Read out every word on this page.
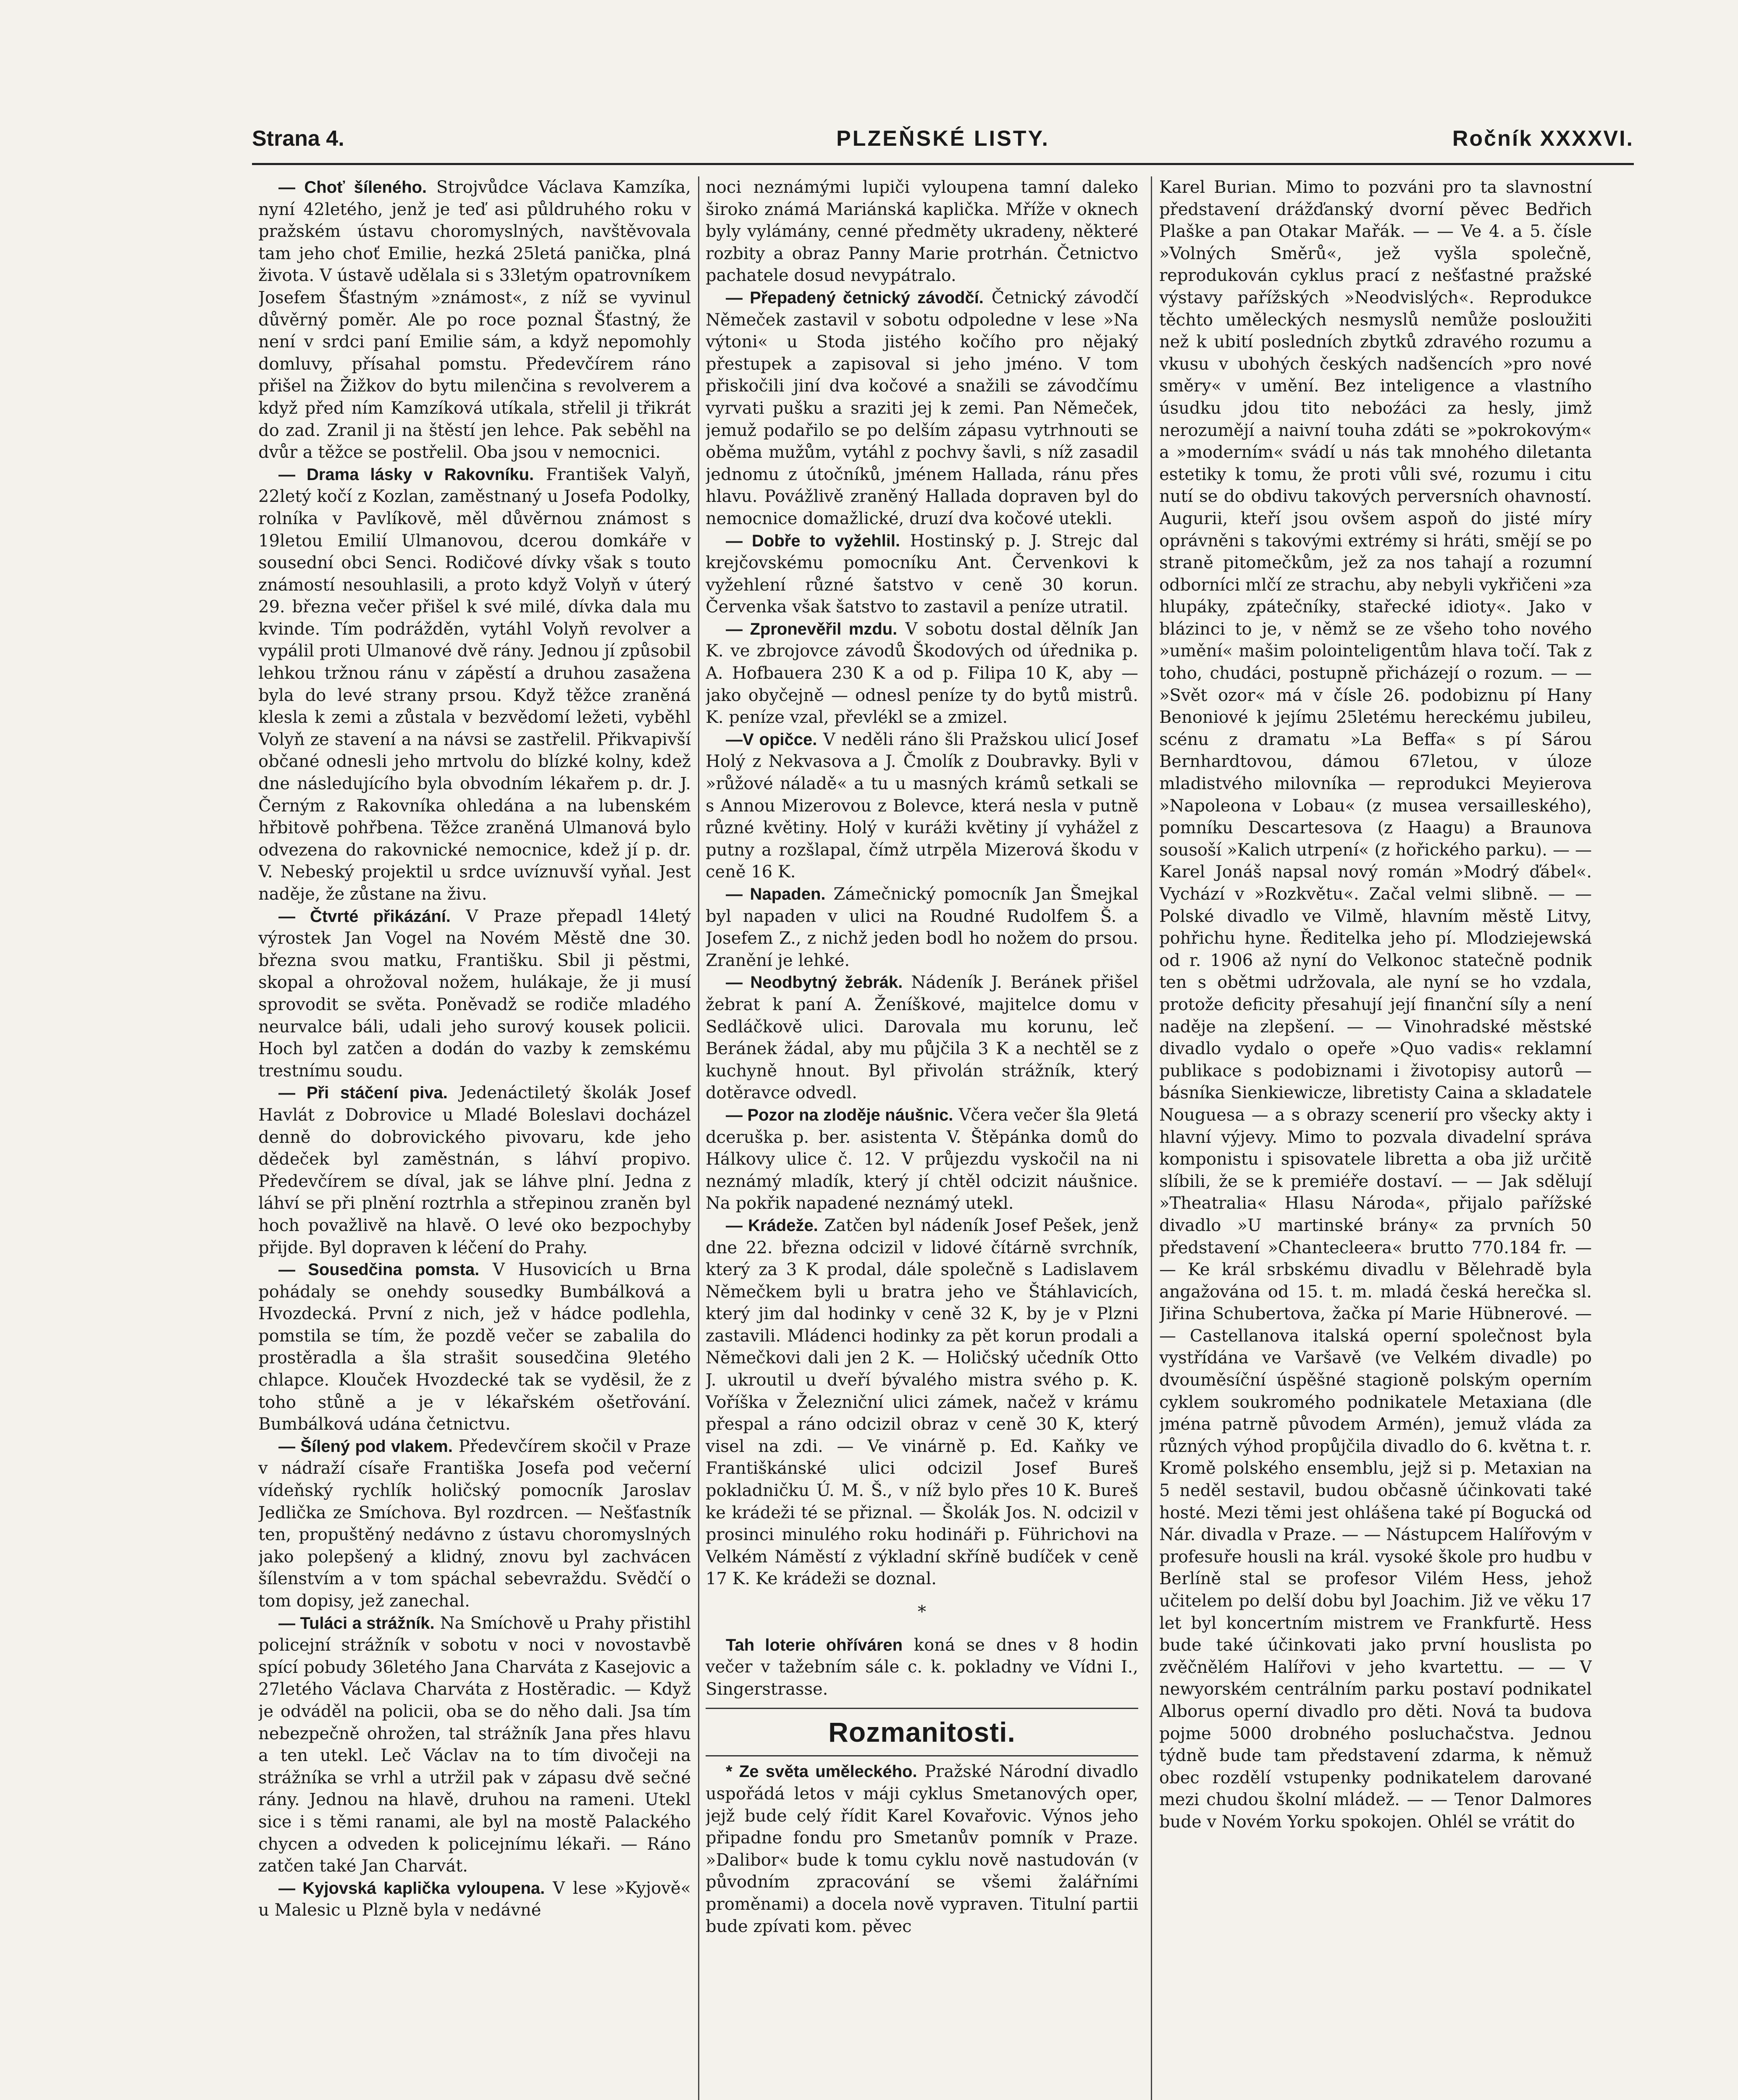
Strana 4.	PLZEŇSKÉ LISTY.	Ročník XXXXVI.

— Choť šíleného. Strojvůdce Václava Kamzíka, nyní 42letého, jenž je teď asi půldruhého roku v pražském ústavu choromyslných, navštěvovala tam jeho choť Emilie, hezká 25letá panička, plná života. V ústavě udělala si s 33letým opatrovníkem Josefem Šťastným »známost«, z níž se vyvinul důvěrný poměr. Ale po roce poznal Šťastný, že není v srdci paní Emilie sám, a když nepomohly domluvy, přísahal pomstu. Předevčírem ráno přišel na Žižkov do bytu milenčina s revolverem a když před ním Kamzíková utíkala, střelil ji třikrát do zad. Zranil ji na štěstí jen lehce. Pak seběhl na dvůr a těžce se postřelil. Oba jsou v nemocnici.

— Drama lásky v Rakovníku. František Valyň, 22letý kočí z Kozlan, zaměstnaný u Josefa Podolky, rolníka v Pavlíkově, měl důvěrnou známost s 19letou Emilií Ulmanovou, dcerou domkáře v sousední obci Senci. Rodičové dívky však s touto známostí nesouhlasili, a proto když Volyň v úterý 29. března večer přišel k své milé, dívka dala mu kvinde. Tím podrážděn, vytáhl Volyň revolver a vypálil proti Ulmanové dvě rány. Jednou jí způsobil lehkou tržnou ránu v zápěstí a druhou zasažena byla do levé strany prsou. Když těžce zraněná klesla k zemi a zůstala v bezvědomí ležeti, vyběhl Volyň ze stavení a na návsi se zastřelil. Přikvapivší občané odnesli jeho mrtvolu do blízké kolny, kdež dne následujícího byla obvodním lékařem p. dr. J. Černým z Rakovníka ohledána a na lubenském hřbitově pohřbena. Těžce zraněná Ulmanová bylo odvezena do rakovnické nemocnice, kdež jí p. dr. V. Nebeský projektil u srdce uvíznuvší vyňal. Jest naděje, že zůstane na živu.

— Čtvrté přikázání. V Praze přepadl 14letý výrostek Jan Vogel na Novém Městě dne 30. března svou matku, Františku. Sbil ji pěstmi, skopal a ohrožoval nožem, hulákaje, že ji musí sprovodit se světa. Poněvadž se rodiče mladého neurvalce báli, udali jeho surový kousek policii. Hoch byl zatčen a dodán do vazby k zemskému trestnímu soudu.

— Při stáčení piva. Jedenáctiletý školák Josef Havlát z Dobrovice u Mladé Boleslavi docházel denně do dobrovického pivovaru, kde jeho dědeček byl zaměstnán, s láhví propivo. Předevčírem se díval, jak se láhve plní. Jedna z láhví se při plnění roztrhla a střepinou zraněn byl hoch považlivě na hlavě. O levé oko bezpochyby přijde. Byl dopraven k léčení do Prahy.

— Sousedčina pomsta. V Husovicích u Brna pohádaly se onehdy sousedky Bumbálková a Hvozdecká. První z nich, jež v hádce podlehla, pomstila se tím, že pozdě večer se zabalila do prostěradla a šla strašit sousedčina 9letého chlapce. Klouček Hvozdecké tak se vyděsil, že z toho stůně a je v lékařském ošetřování. Bumbálková udána četnictvu.

— Šílený pod vlakem. Předevčírem skočil v Praze v nádraží císaře Františka Josefa pod večerní vídeňský rychlík holičský pomocník Jaroslav Jedlička ze Smíchova. Byl rozdrcen. — Nešťastník ten, propuštěný nedávno z ústavu choromyslných jako polepšený a klidný, znovu byl zachvácen šílenstvím a v tom spáchal sebevraždu. Svědčí o tom dopisy, jež zanechal.

— Tuláci a strážník. Na Smíchově u Prahy přistihl policejní strážník v sobotu v noci v novostavbě spící pobudy 36letého Jana Charváta z Kasejovic a 27letého Václava Charváta z Hostěradic. — Když je odváděl na policii, oba se do něho dali. Jsa tím nebezpečně ohrožen, tal strážník Jana přes hlavu a ten utekl. Leč Václav na to tím divočeji na strážníka se vrhl a utržil pak v zápasu dvě sečné rány. Jednou na hlavě, druhou na rameni. Utekl sice i s těmi ranami, ale byl na mostě Palackého chycen a odveden k policejnímu lékaři. — Ráno zatčen také Jan Charvát.

— Kyjovská kaplička vyloupena. V lese »Kyjově« u Malesic u Plzně byla v nedávné

noci neznámými lupiči vyloupena tamní daleko široko známá Mariánská kaplička. Mříže v oknech byly vylámány, cenné předměty ukradeny, některé rozbity a obraz Panny Marie protrhán. Četnictvo pachatele dosud nevypátralo.

— Přepadený četnický závodčí. Četnický závodčí Němeček zastavil v sobotu odpoledne v lese »Na výtoni« u Stoda jistého kočího pro nějaký přestupek a zapisoval si jeho jméno. V tom přiskočili jiní dva kočové a snažili se závodčímu vyrvati pušku a sraziti jej k zemi. Pan Němeček, jemuž podařilo se po delším zápasu vytrhnouti se oběma mužům, vytáhl z pochvy šavli, s níž zasadil jednomu z útočníků, jménem Hallada, ránu přes hlavu. Povážlivě zraněný Hallada dopraven byl do nemocnice domažlické, druzí dva kočové utekli.

— Dobře to vyžehlil. Hostinský p. J. Strejc dal krejčovskému pomocníku Ant. Červenkovi k vyžehlení různé šatstvo v ceně 30 korun. Červenka však šatstvo to zastavil a peníze utratil.

— Zpronevěřil mzdu. V sobotu dostal dělník Jan K. ve zbrojovce závodů Škodových od úřednika p. A. Hofbauera 230 K a od p. Filipa 10 K, aby — jako obyčejně — odnesl peníze ty do bytů mistrů. K. peníze vzal, převlékl se a zmizel.

—V opičce. V neděli ráno šli Pražskou ulicí Josef Holý z Nekvasova a J. Čmolík z Doubravky. Byli v »růžové náladě« a tu u masných krámů setkali se s Annou Mizerovou z Bolevce, která nesla v putně různé květiny. Holý v kuráži květiny jí vyhážel z putny a rozšlapal, čímž utrpěla Mizerová škodu v ceně 16 K.

— Napaden. Zámečnický pomocník Jan Šmejkal byl napaden v ulici na Roudné Rudolfem Š. a Josefem Z., z nichž jeden bodl ho nožem do prsou. Zranění je lehké.

— Neodbytný žebrák. Nádeník J. Beránek přišel žebrat k paní A. Ženíškové, majitelce domu v Sedláčkově ulici. Darovala mu korunu, leč Beránek žádal, aby mu půjčila 3 K a nechtěl se z kuchyně hnout. Byl přivolán strážník, který dotěravce odvedl.

— Pozor na zloděje náušnic. Včera večer šla 9letá dceruška p. ber. asistenta V. Štěpánka domů do Hálkovy ulice č. 12. V průjezdu vyskočil na ni neznámý mladík, který jí chtěl odcizit náušnice. Na pokřik napadené neznámý utekl.

— Krádeže. Zatčen byl nádeník Josef Pešek, jenž dne 22. března odcizil v lidové čítárně svrchník, který za 3 K prodal, dále společně s Ladislavem Němečkem byli u bratra jeho ve Štáhlavicích, který jim dal hodinky v ceně 32 K, by je v Plzni zastavili. Mládenci hodinky za pět korun prodali a Němečkovi dali jen 2 K. — Holičský učedník Otto J. ukroutil u dveří bývalého mistra svého p. K. Voříška v Železniční ulici zámek, načež v krámu přespal a ráno odcizil obraz v ceně 30 K, který visel na zdi. — Ve vinárně p. Ed. Kaňky ve Františkánské ulici odcizil Josef Bureš pokladničku Ú. M. Š., v níž bylo přes 10 K. Bureš ke krádeži té se přiznal. — Školák Jos. N. odcizil v prosinci minulého roku hodináři p. Führichovi na Velkém Náměstí z výkladní skříně budíček v ceně 17 K. Ke krádeži se doznal.

*

Tah loterie ohříváren koná se dnes v 8 hodin večer v tažebním sále c. k. pokladny ve Vídni I., Singerstrasse.

Rozmanitosti.

* Ze světa uměleckého. Pražské Národní divadlo uspořádá letos v máji cyklus Smetanových oper, jejž bude celý řídit Karel Kovařovic. Výnos jeho připadne fondu pro Smetanův pomník v Praze. »Dalibor« bude k tomu cyklu nově nastudován (v původním zpracování se všemi žalářními proměnami) a docela nově vypraven. Titulní partii bude zpívati kom. pěvec

Karel Burian. Mimo to pozváni pro ta slavnostní představení drážďanský dvorní pěvec Bedřich Plaške a pan Otakar Mařák. — — Ve 4. a 5. čísle »Volných Směrů«, jež vyšla společně, reprodukován cyklus prací z nešťastné pražské výstavy pařížských »Neodvislých«. Reprodukce těchto uměleckých nesmyslů nemůže posloužiti než k ubití posledních zbytků zdravého rozumu a vkusu v ubohých českých nadšencích »pro nové směry« v umění. Bez inteligence a vlastního úsudku jdou tito neboźáci za hesly, jimž nerozumějí a naivní touha zdáti se »pokrokovým« a »moderním« svádí u nás tak mnohého diletanta estetiky k tomu, že proti vůli své, rozumu i citu nutí se do obdivu takových perversních ohavností. Augurii, kteří jsou ovšem aspoň do jisté míry oprávněni s takovými extrémy si hráti, smějí se po straně pitomečkům, jež za nos tahají a rozumní odborníci mlčí ze strachu, aby nebyli vykřičeni »za hlupáky, zpátečníky, stařecké idioty«. Jako v blázinci to je, v němž se ze všeho toho nového »umění« mašim polointeligentům hlava točí. Tak z toho, chudáci, postupně přicházejí o rozum. — — »Svět ozor« má v čísle 26. podobiznu pí Hany Benoniové k jejímu 25letému hereckému jubileu, scénu z dramatu »La Beffa« s pí Sárou Bernhardtovou, dámou 67letou, v úloze mladistvého milovníka — reprodukci Meyierova »Napoleona v Lobau« (z musea versailleského), pomníku Descartesova (z Haagu) a Braunova sousoší »Kalich utrpení« (z hořického parku). — — Karel Jonáš napsal nový román »Modrý ďábel«. Vychází v »Rozkvětu«. Začal velmi slibně. — — Polské divadlo ve Vilmě, hlavním městě Litvy, pohřichu hyne. Ředitelka jeho pí. Mlodziejewská od r. 1906 až nyní do Velkonoc statečně podnik ten s obětmi udržovala, ale nyní se ho vzdala, protože deficity přesahují její finanční síly a není naděje na zlepšení. — — Vinohradské městské divadlo vydalo o opeře »Quo vadis« reklamní publikace s podobiznami i životopisy autorů — básníka Sienkiewicze, libretisty Caina a skladatele Nouguesa — a s obrazy scenerií pro všecky akty i hlavní výjevy. Mimo to pozvala divadelní správa komponistu i spisovatele libretta a oba již určitě slíbili, že se k premiéře dostaví. — — Jak sdělují »Theatralia« Hlasu Národa«, přijalo pařížské divadlo »U martinské brány« za prvních 50 představení »Chantecleera« brutto 770.184 fr. — — Ke král srbskému divadlu v Bělehradě byla angažována od 15. t. m. mladá česká herečka sl. Jiřina Schubertova, žačka pí Marie Hübnerové. — — Castellanova italská operní společnost byla vystřídána ve Varšavě (ve Velkém divadle) po dvouměsíční úspěšné stagioně polským operním cyklem soukromého podnikatele Metaxiana (dle jména patrně původem Armén), jemuž vláda za různých výhod propůjčila divadlo do 6. května t. r. Kromě polského ensemblu, jejž si p. Metaxian na 5 neděl sestavil, budou občasně účinkovati také hosté. Mezi těmi jest ohlášena také pí Bogucká od Nár. divadla v Praze. — — Nástupcem Halířovým v profesuře housli na král. vysoké škole pro hudbu v Berlíně stal se profesor Vilém Hess, jehož učitelem po delší dobu byl Joachim. Již ve věku 17 let byl koncertním mistrem ve Frankfurtě. Hess bude také účinkovati jako první houslista po zvěčnělém Halířovi v jeho kvartettu. — — V newyorském centrálním parku postaví podnikatel Alborus operní divadlo pro děti. Nová ta budova pojme 5000 drobného posluchačstva. Jednou týdně bude tam představení zdarma, k němuž obec rozdělí vstupenky podnikatelem darované mezi chudou školní mládež. — — Tenor Dalmores bude v Novém Yorku spokojen. Ohlél se vrátit do
